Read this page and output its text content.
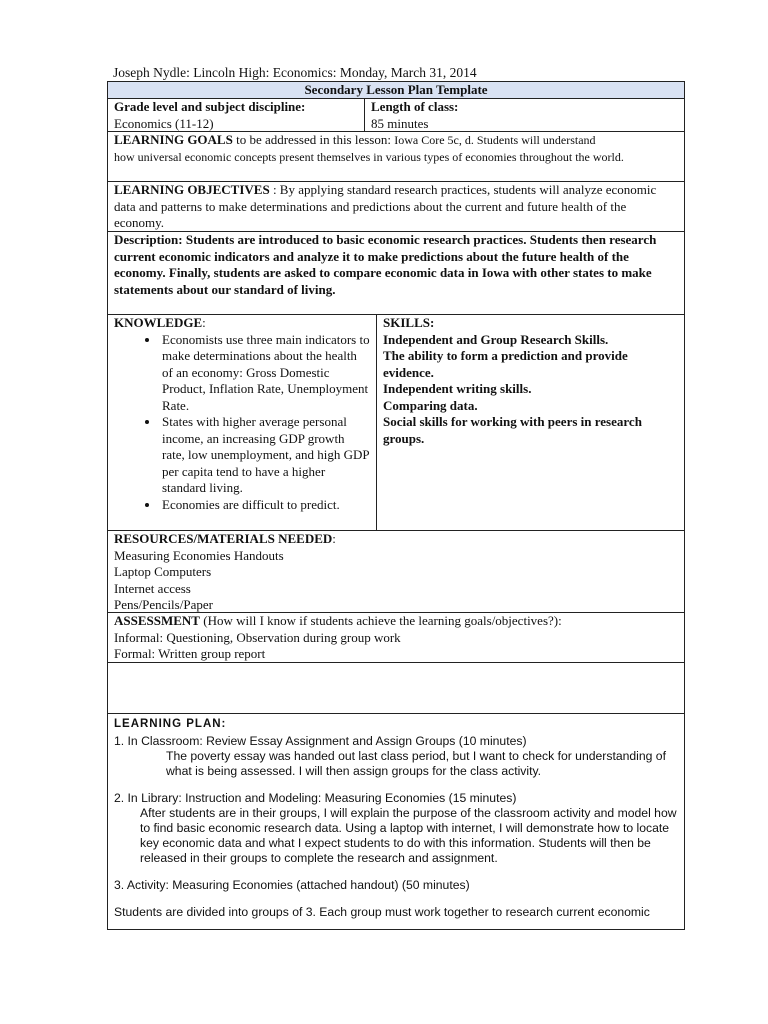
Joseph Nydle: Lincoln High: Economics: Monday, March 31, 2014
Secondary Lesson Plan Template
Grade level and subject discipline:
Economics (11-12)
Length of class:
85 minutes
LEARNING GOALS to be addressed in this lesson: Iowa Core 5c, d. Students will understand
how universal economic concepts present themselves in various types of economies throughout the world.
LEARNING OBJECTIVES : By applying standard research practices, students will analyze economic data and patterns to make determinations and predictions about the current and future health of the economy.
Description: Students are introduced to basic economic research practices. Students then research current economic indicators and analyze it to make predictions about the future health of the economy. Finally, students are asked to compare economic data in Iowa with other states to make statements about our standard of living.
KNOWLEDGE:
• Economists use three main indicators to make determinations about the health of an economy: Gross Domestic Product, Inflation Rate, Unemployment Rate.
• States with higher average personal income, an increasing GDP growth rate, low unemployment, and high GDP per capita tend to have a higher standard living.
• Economies are difficult to predict.
SKILLS:
Independent and Group Research Skills.
The ability to form a prediction and provide evidence.
Independent writing skills.
Comparing data.
Social skills for working with peers in research groups.
RESOURCES/MATERIALS NEEDED:
Measuring Economies Handouts
Laptop Computers
Internet access
Pens/Pencils/Paper
ASSESSMENT (How will I know if students achieve the learning goals/objectives?):
Informal: Questioning, Observation during group work
Formal: Written group report
LEARNING PLAN:
1. In Classroom: Review Essay Assignment and Assign Groups (10 minutes)
The poverty essay was handed out last class period, but I want to check for understanding of what is being assessed. I will then assign groups for the class activity.
2. In Library: Instruction and Modeling: Measuring Economies (15 minutes)
After students are in their groups, I will explain the purpose of the classroom activity and model how to find basic economic research data. Using a laptop with internet, I will demonstrate how to locate key economic data and what I expect students to do with this information. Students will then be released in their groups to complete the research and assignment.
3. Activity: Measuring Economies (attached handout) (50 minutes)
Students are divided into groups of 3. Each group must work together to research current economic
